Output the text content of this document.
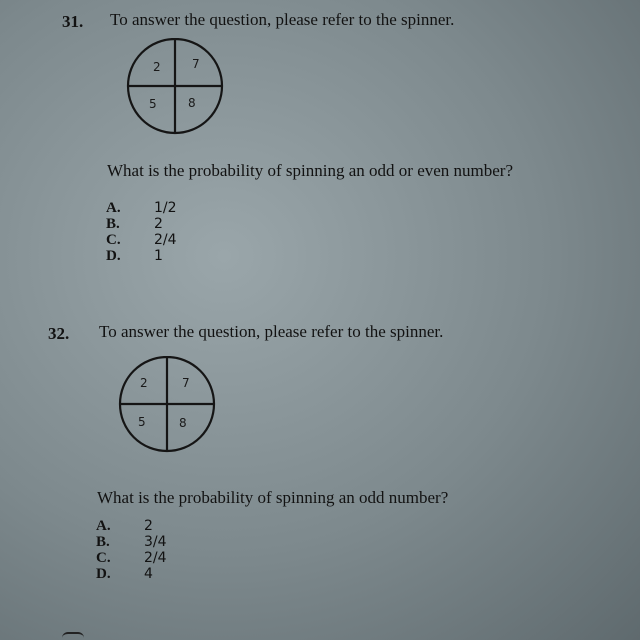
31. To answer the question, please refer to the spinner.
2	7
5	8
What is the probability of spinning an odd or even number?
A.	1/2
B.	2
C.	2/4
D.	1
32. To answer the question, please refer to the spinner.
2	7
5	8
What is the probability of spinning an odd number?
A.	2
B.	3/4
C.	2/4
D.	4
